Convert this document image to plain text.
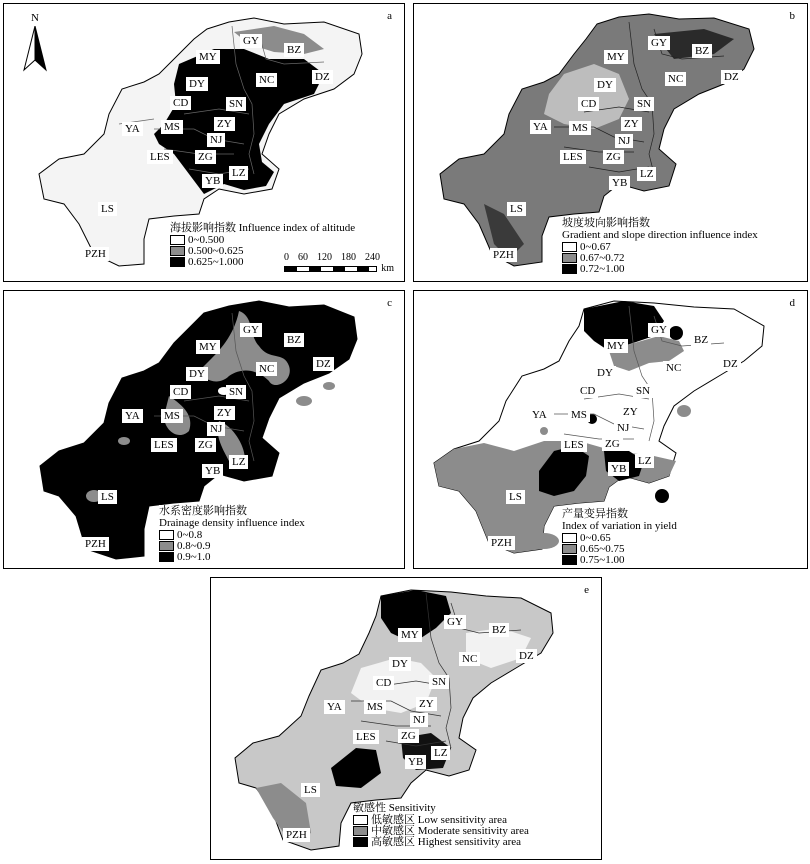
a
N
GY
BZ
MY
NC	DZ
DY
CD	SN
YA MS	ZY
NJ
LES	ZG
YB
LZ
LS
PZH
海拔影响指数 Influence index of altitude
0~0.500
0.500~0.625
0.625~1.000	0 60 120 180 240
km
b
GY
BZ
MY
NC	DZ
DY
CD	SN
YA MS	ZY
NJ
LES ZG
YB
LZ
LS
PZH
坡度坡向影响指数
Gradient and slope direction influence index
0~0.67
0.67~0.72
0.72~1.00
c
GY
BZ
MY
NC	DZ
DY
CD	SN
YA MS	ZY
NJ
LES ZG
YB
LZ
LS
PZH
水系密度影响指数
Drainage density influence index
0~0.8
0.8~0.9
0.9~1.0
d
GY
BZ
MY
NC	DZ
DY
CD	SN
YA MS	ZY
NJ
LES ZG
YB
LZ
LS
PZH
产量变异指数
Index of variation in yield
0~0.65
0.65~0.75
0.75~1.00
e
GY
BZ
MY
NC	DZ
DY
CD	SN
YA MS	ZY
NJ
LES ZG
YB
LZ
LS
PZH
敏感性 Sensitivity
低敏感区 Low sensitivity area
中敏感区 Moderate sensitivity area
高敏感区 Highest sensitivity area
